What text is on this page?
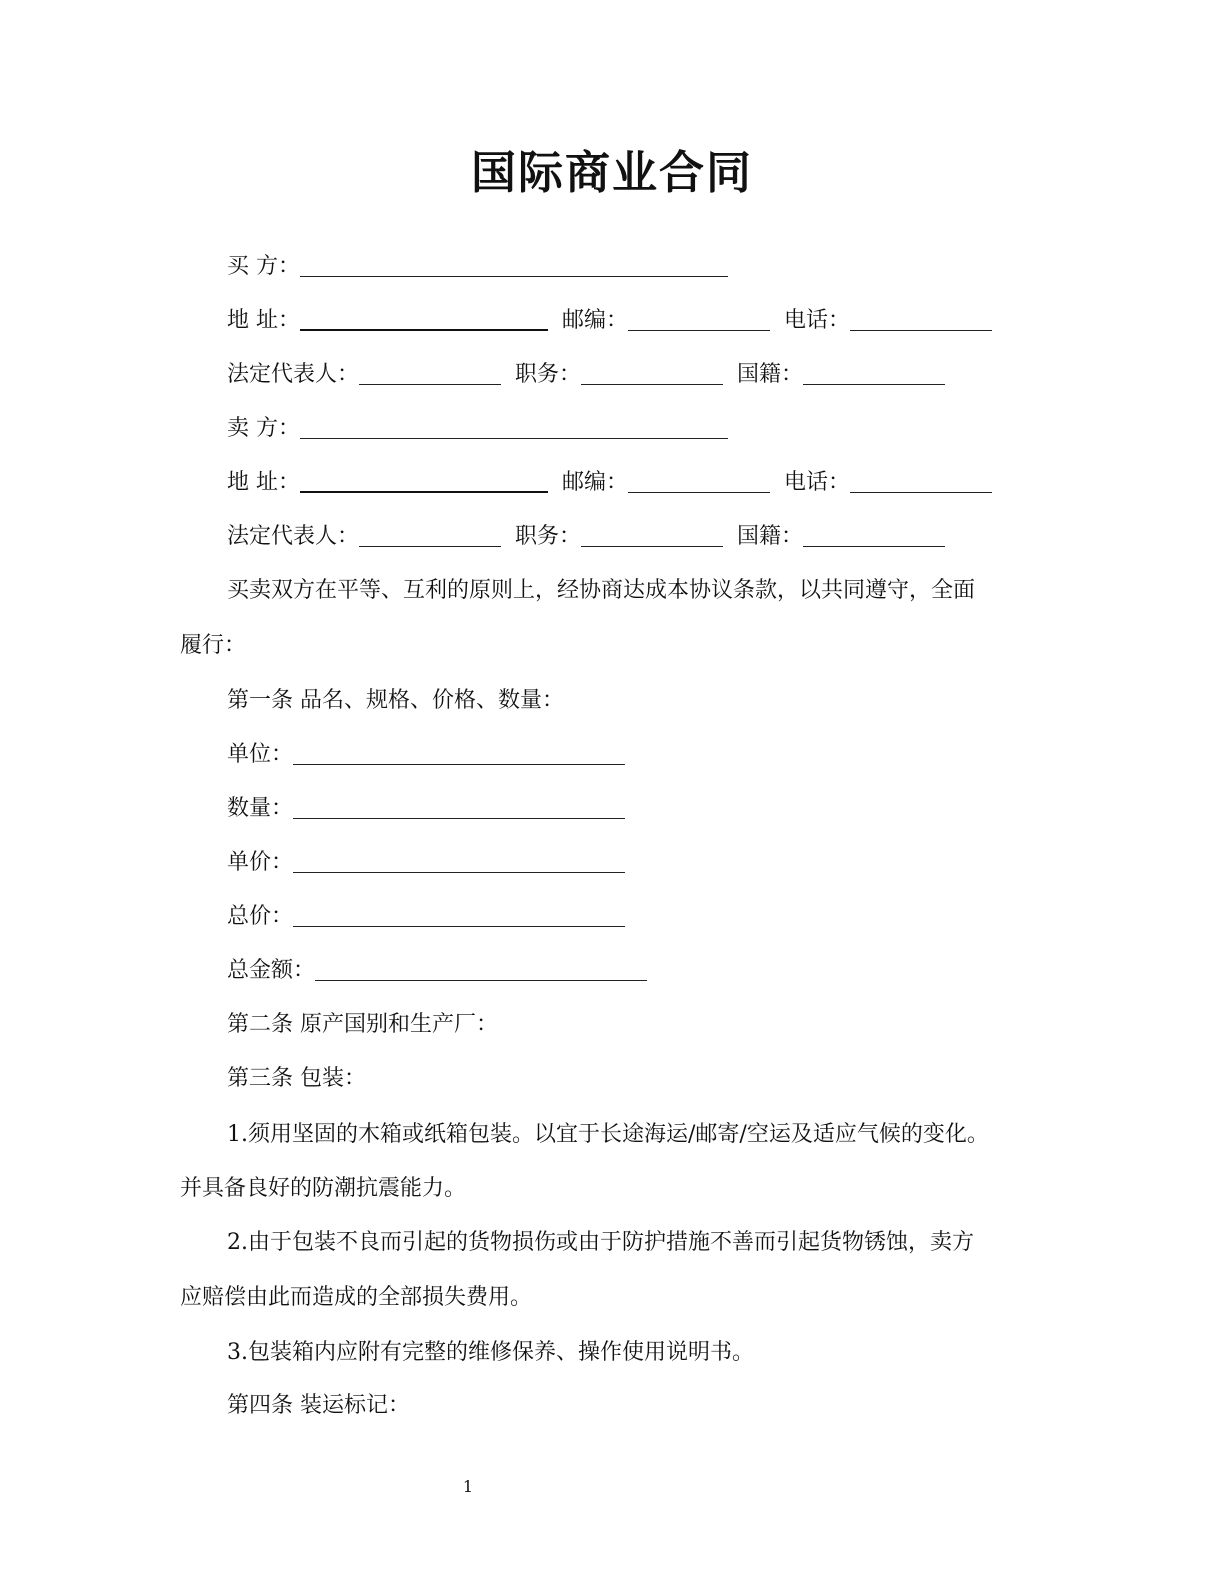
国际商业合同
买 方：
地 址：	邮编：	电话：
法定代表人：	职务：	国籍：
卖 方：
地 址：	邮编：	电话：
法定代表人：	职务：	国籍：
买卖双方在平等、互利的原则上，经协商达成本协议条款，以共同遵守，全面
履行：
第一条 品名、规格、价格、数量：
单位：
数量：
单价：
总价：
总金额：
第二条 原产国别和生产厂：
第三条 包装：
1.须用坚固的木箱或纸箱包装。以宜于长途海运/邮寄/空运及适应气候的变化。
并具备良好的防潮抗震能力。
2.由于包装不良而引起的货物损伤或由于防护措施不善而引起货物锈蚀，卖方
应赔偿由此而造成的全部损失费用。
3.包装箱内应附有完整的维修保养、操作使用说明书。
第四条 装运标记：
1
